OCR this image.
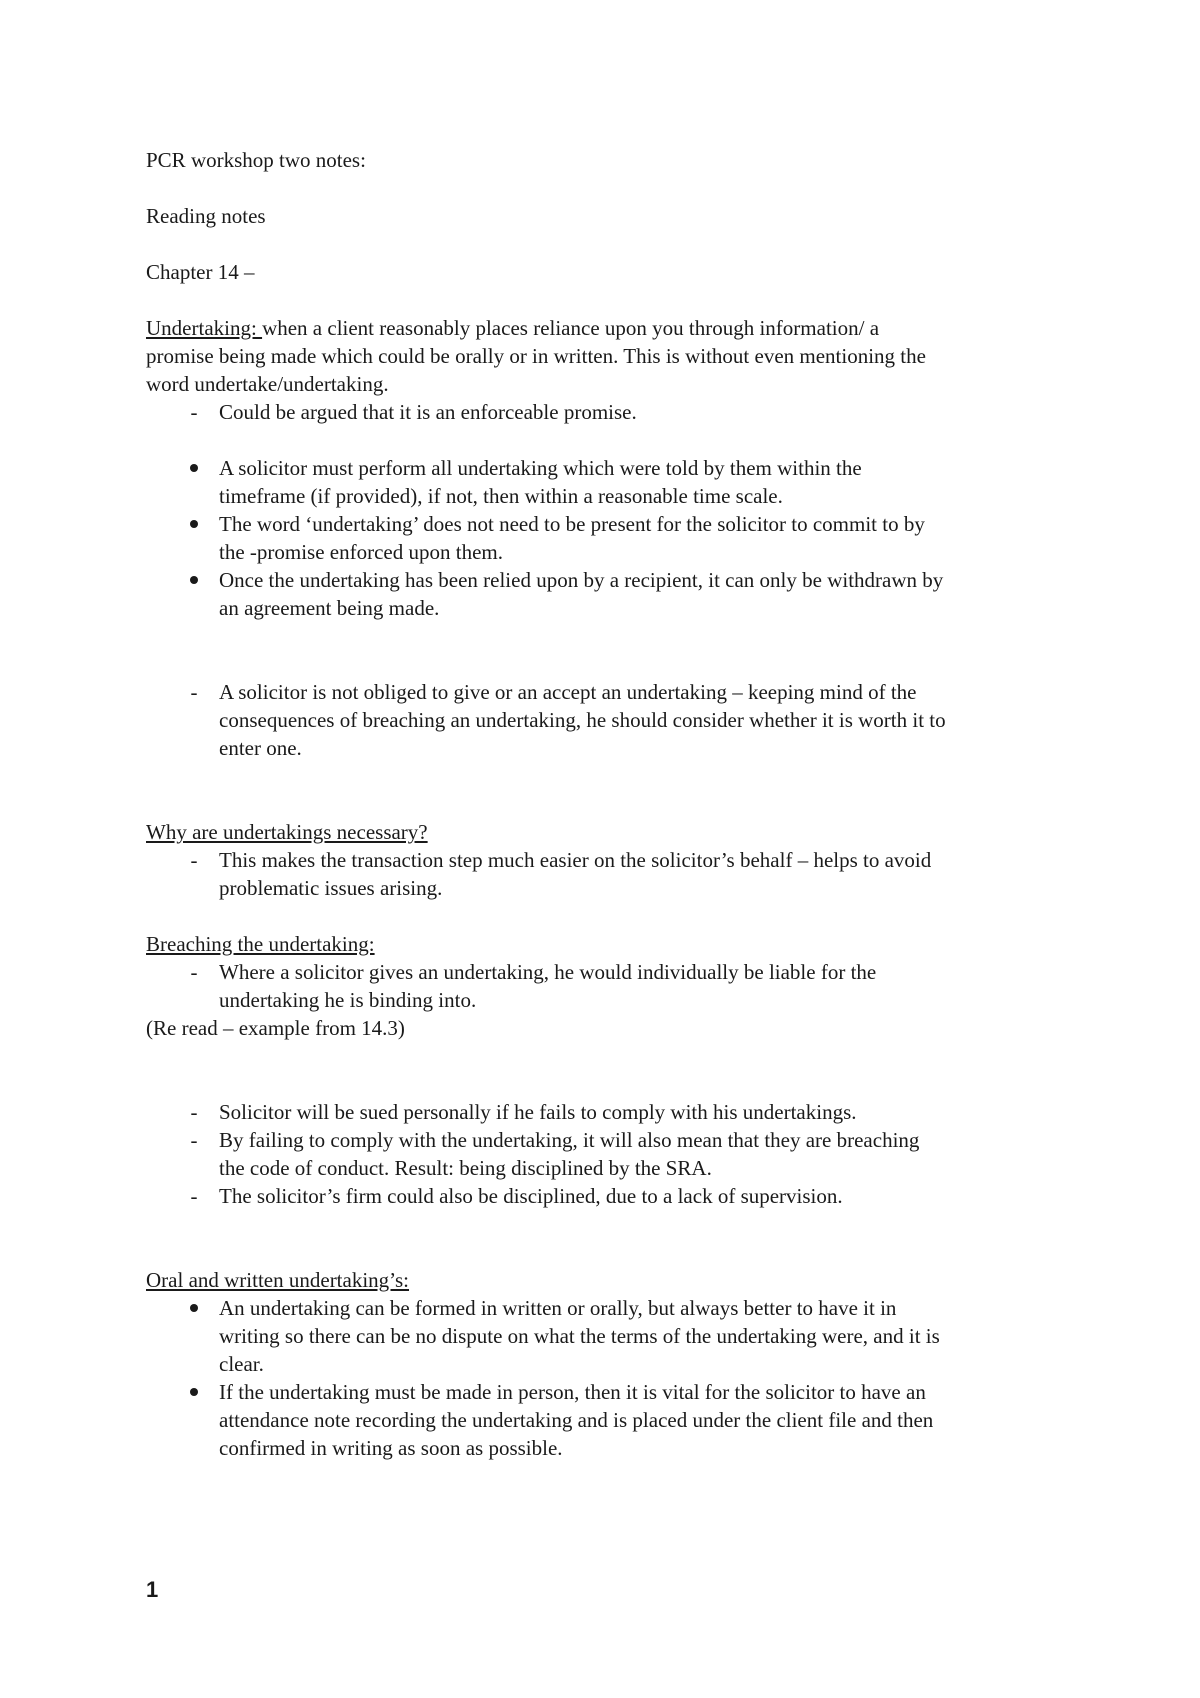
PCR workshop two notes:
Reading notes
Chapter 14 –
Undertaking: when a client reasonably places reliance upon you through information/ a
promise being made which could be orally or in written. This is without even mentioning the
word undertake/undertaking.
-	Could be argued that it is an enforceable promise.
A solicitor must perform all undertaking which were told by them within the
timeframe (if provided), if not, then within a reasonable time scale.
The word ‘undertaking’ does not need to be present for the solicitor to commit to by
the -promise enforced upon them.
Once the undertaking has been relied upon by a recipient, it can only be withdrawn by
an agreement being made.
-	A solicitor is not obliged to give or an accept an undertaking – keeping mind of the
consequences of breaching an undertaking, he should consider whether it is worth it to
enter one.
Why are undertakings necessary?
-	This makes the transaction step much easier on the solicitor’s behalf – helps to avoid
problematic issues arising.
Breaching the undertaking:
-	Where a solicitor gives an undertaking, he would individually be liable for the
undertaking he is binding into.
(Re read – example from 14.3)
-	Solicitor will be sued personally if he fails to comply with his undertakings.
-	By failing to comply with the undertaking, it will also mean that they are breaching
the code of conduct. Result: being disciplined by the SRA.
-	The solicitor’s firm could also be disciplined, due to a lack of supervision.
Oral and written undertaking’s:
An undertaking can be formed in written or orally, but always better to have it in
writing so there can be no dispute on what the terms of the undertaking were, and it is
clear.
If the undertaking must be made in person, then it is vital for the solicitor to have an
attendance note recording the undertaking and is placed under the client file and then
confirmed in writing as soon as possible.
1
